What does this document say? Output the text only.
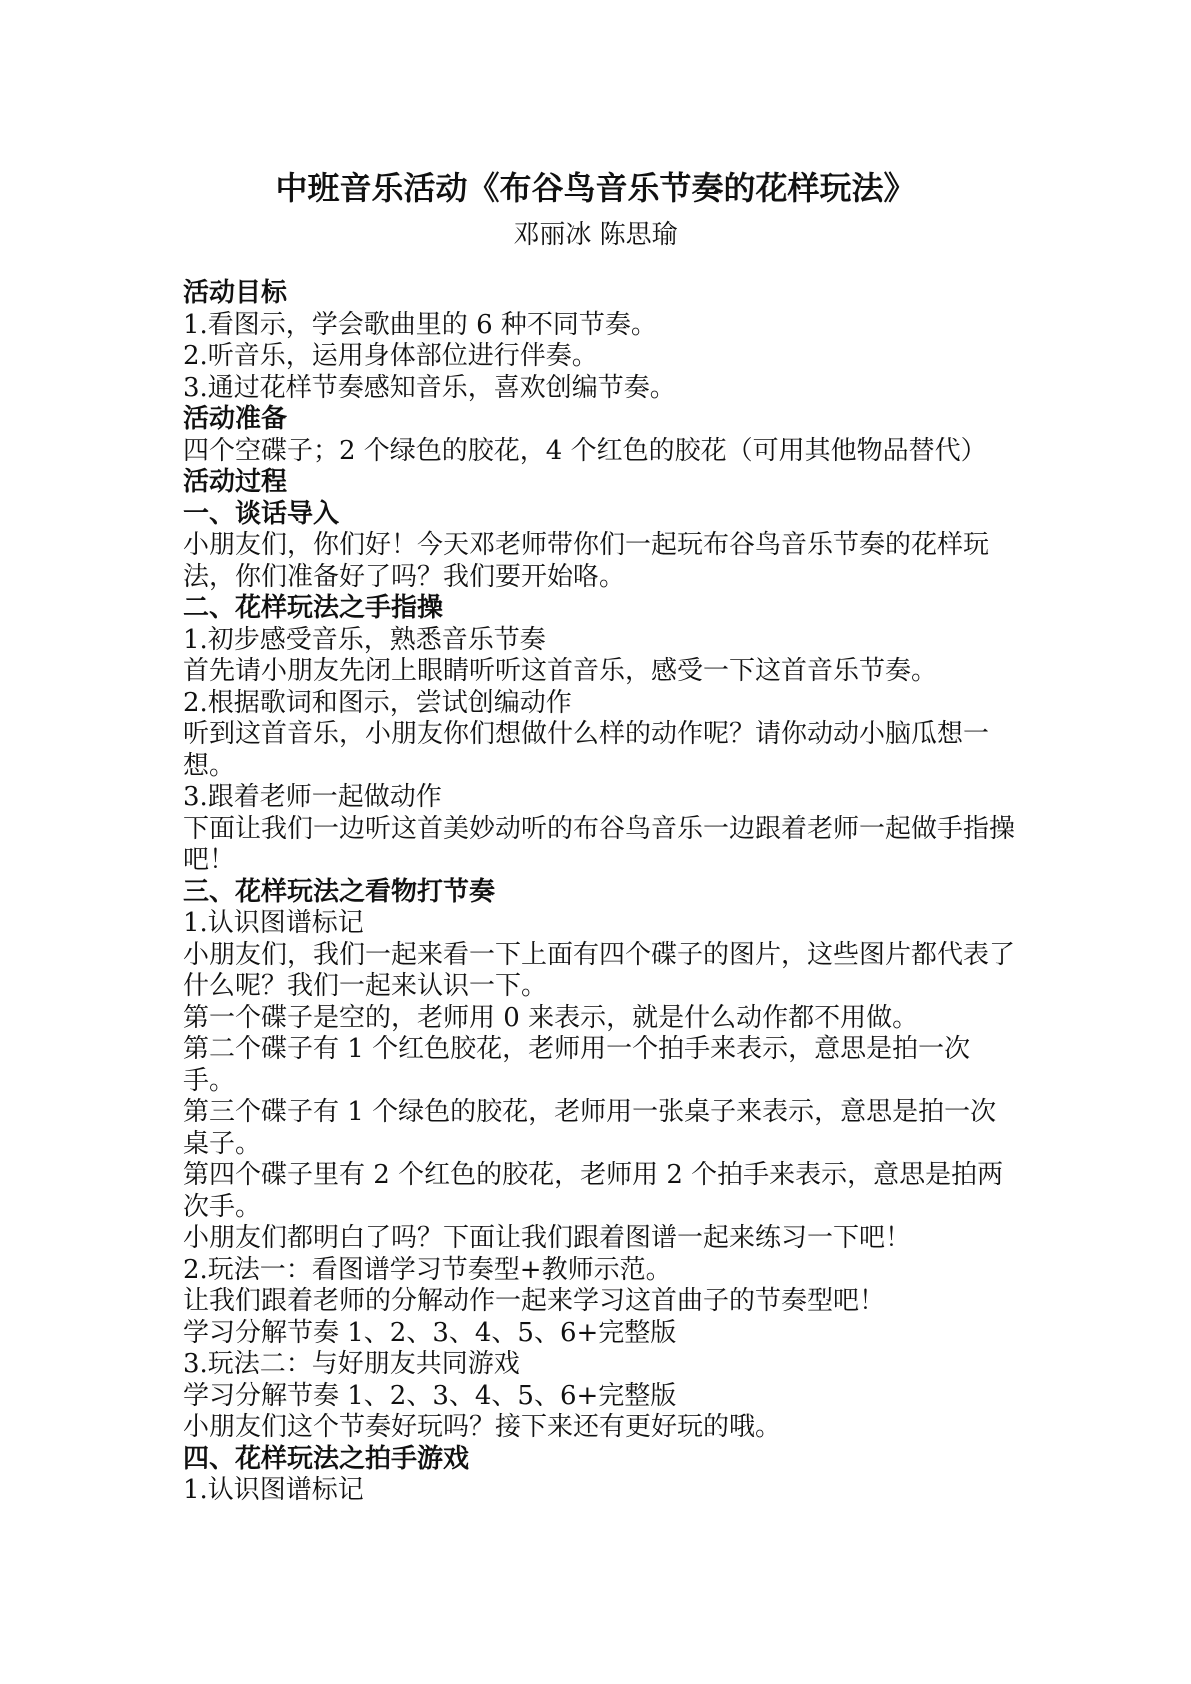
中班音乐活动《布谷鸟音乐节奏的花样玩法》
邓丽冰 陈思瑜
活动目标

1.看图示，学会歌曲里的 6 种不同节奏。

2.听音乐，运用身体部位进行伴奏。

3.通过花样节奏感知音乐，喜欢创编节奏。

活动准备

四个空碟子；2 个绿色的胶花，4 个红色的胶花（可用其他物品替代）

活动过程
一、谈话导入

小朋友们，你们好！今天邓老师带你们一起玩布谷鸟音乐节奏的花样玩法，你们准备好了吗？我们要开始咯。

二、花样玩法之手指操

1.初步感受音乐，熟悉音乐节奏

首先请小朋友先闭上眼睛听听这首音乐，感受一下这首音乐节奏。

2.根据歌词和图示，尝试创编动作

听到这首音乐，小朋友你们想做什么样的动作呢？请你动动小脑瓜想一想。

3.跟着老师一起做动作

下面让我们一边听这首美妙动听的布谷鸟音乐一边跟着老师一起做手指操吧！

三、花样玩法之看物打节奏

1.认识图谱标记

小朋友们，我们一起来看一下上面有四个碟子的图片，这些图片都代表了什么呢？我们一起来认识一下。

第一个碟子是空的，老师用 0 来表示，就是什么动作都不用做。

第二个碟子有 1 个红色胶花，老师用一个拍手来表示，意思是拍一次手。

第三个碟子有 1 个绿色的胶花，老师用一张桌子来表示，意思是拍一次桌子。

第四个碟子里有 2 个红色的胶花，老师用 2 个拍手来表示，意思是拍两次手。

小朋友们都明白了吗？下面让我们跟着图谱一起来练习一下吧！

2.玩法一：看图谱学习节奏型+教师示范。

让我们跟着老师的分解动作一起来学习这首曲子的节奏型吧！

学习分解节奏 1、2、3、4、5、6+完整版

3.玩法二：与好朋友共同游戏

学习分解节奏 1、2、3、4、5、6+完整版

小朋友们这个节奏好玩吗？接下来还有更好玩的哦。

四、花样玩法之拍手游戏

1.认识图谱标记
